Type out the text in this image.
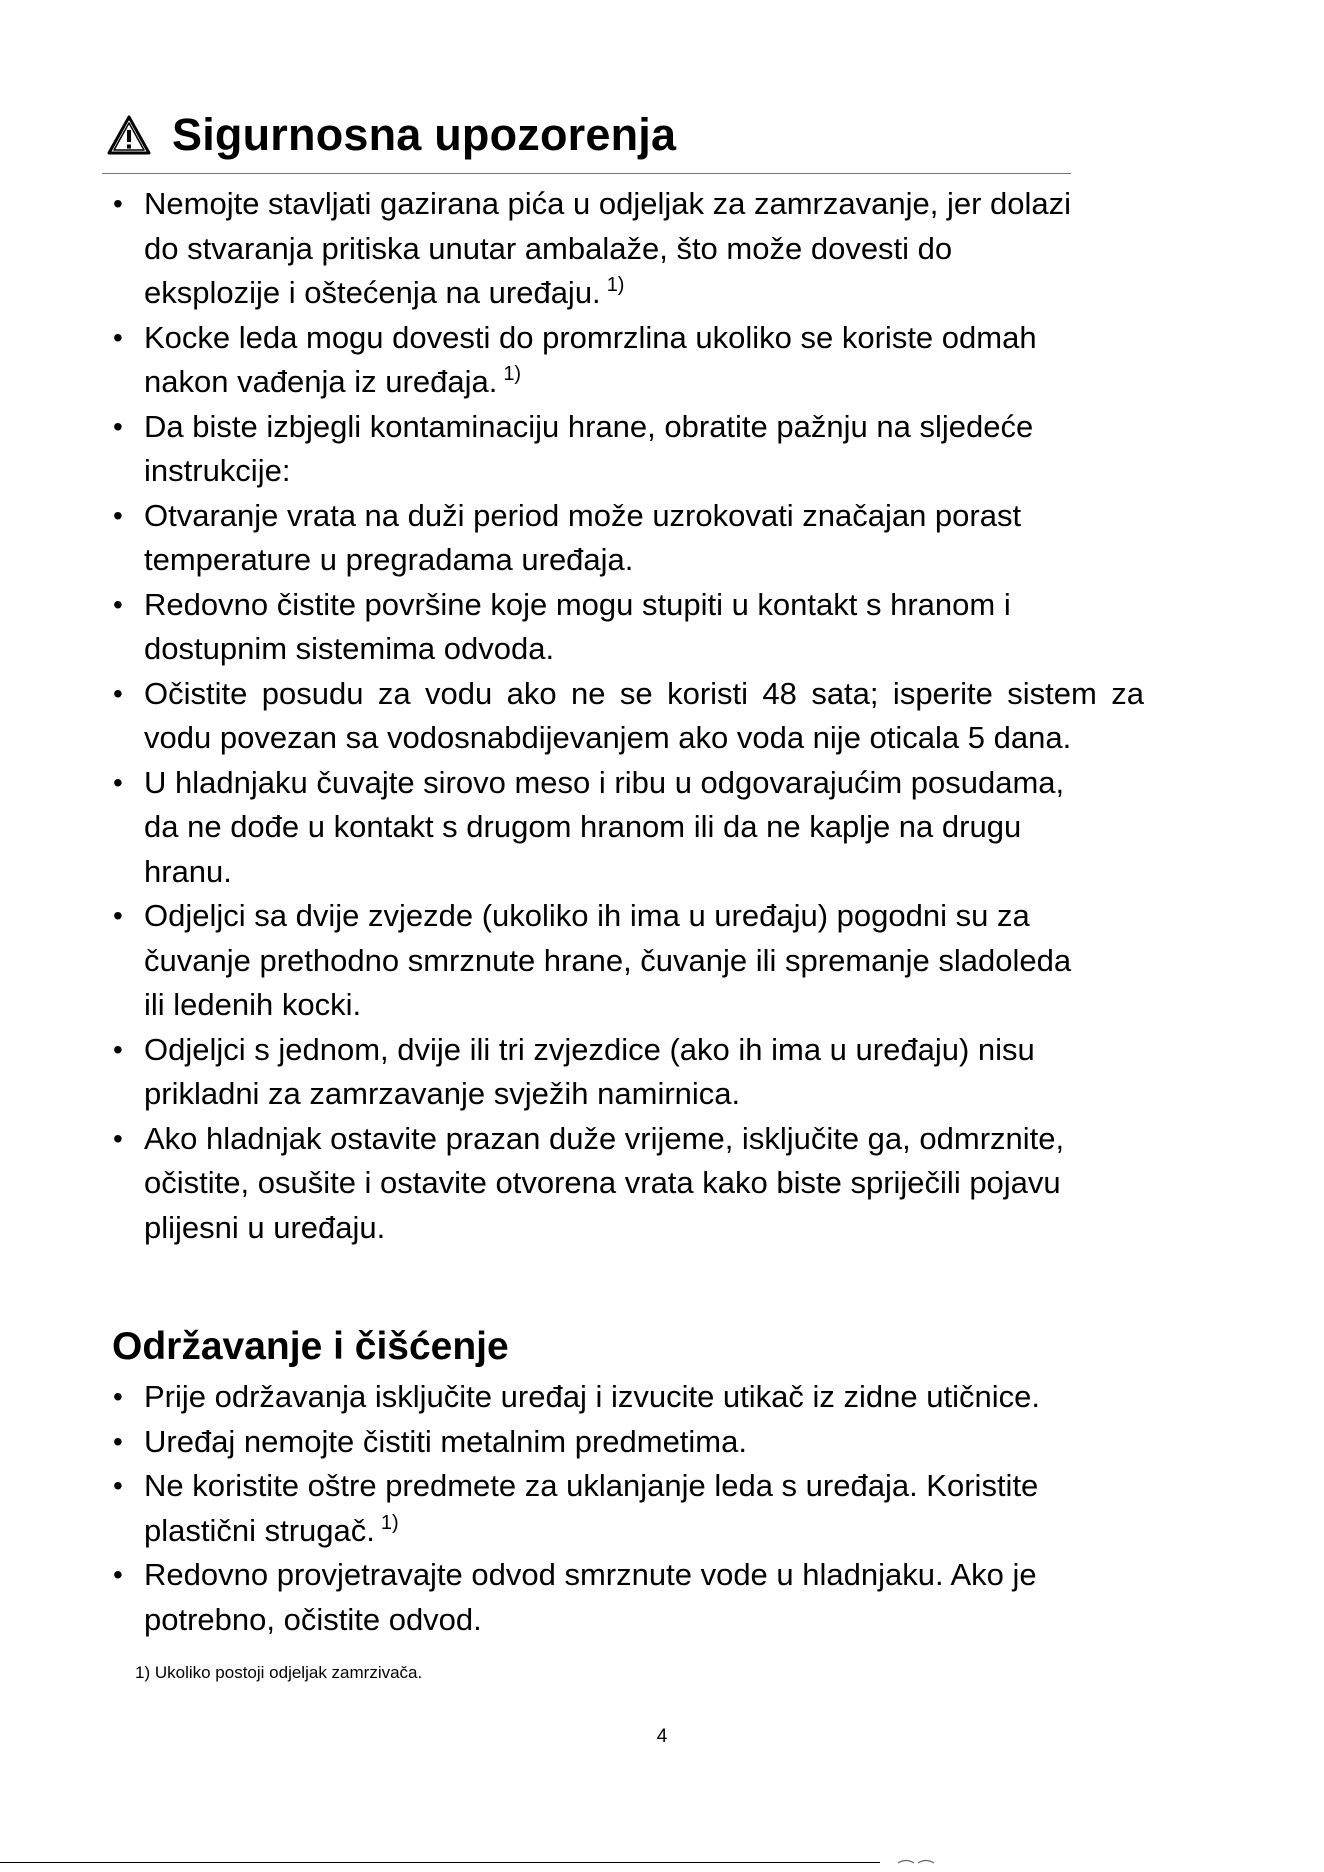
Sigurnosna upozorenja
• Nemojte stavljati gazirana pića u odjeljak za zamrzavanje, jer dolazi
do stvaranja pritiska unutar ambalaže, što može dovesti do
eksplozije i oštećenja na uređaju. $^{1)}$
• Kocke leda mogu dovesti do promrzlina ukoliko se koriste odmah
nakon vađenja iz uređaja. $^{1)}$
• Da biste izbjegli kontaminaciju hrane, obratite pažnju na sljedeće
instrukcije:
• Otvaranje vrata na duži period može uzrokovati značajan porast
temperature u pregradama uređaja.
• Redovno čistite površine koje mogu stupiti u kontakt s hranom i
dostupnim sistemima odvoda.
• Očistite posudu za vodu ako ne se koristi 48 sata; isperite sistem za vodu povezan sa vodosnabdijevanjem ako voda nije oticala 5 dana.
• U hladnjaku čuvajte sirovo meso i ribu u odgovarajućim posudama,
da ne dođe u kontakt s drugom hranom ili da ne kaplje na drugu
hranu.
• Odjeljci sa dvije zvjezde (ukoliko ih ima u uređaju) pogodni su za
čuvanje prethodno smrznute hrane, čuvanje ili spremanje sladoleda
ili ledenih kocki.
• Odjeljci s jednom, dvije ili tri zvjezdice (ako ih ima u uređaju) nisu
prikladni za zamrzavanje svježih namirnica.
• Ako hladnjak ostavite prazan duže vrijeme, isključite ga, odmrznite,
očistite, osušite i ostavite otvorena vrata kako biste spriječili pojavu
plijesni u uređaju.
Održavanje i čišćenje
• Prije održavanja isključite uređaj i izvucite utikač iz zidne utičnice.
• Uređaj nemojte čistiti metalnim predmetima.
• Ne koristite oštre predmete za uklanjanje leda s uređaja. Koristite
plastični strugač. $^{1)}$
• Redovno provjetravajte odvod smrznute vode u hladnjaku. Ako je
potrebno, očistite odvod.
1) Ukoliko postoji odjeljak zamrzivača.
4
